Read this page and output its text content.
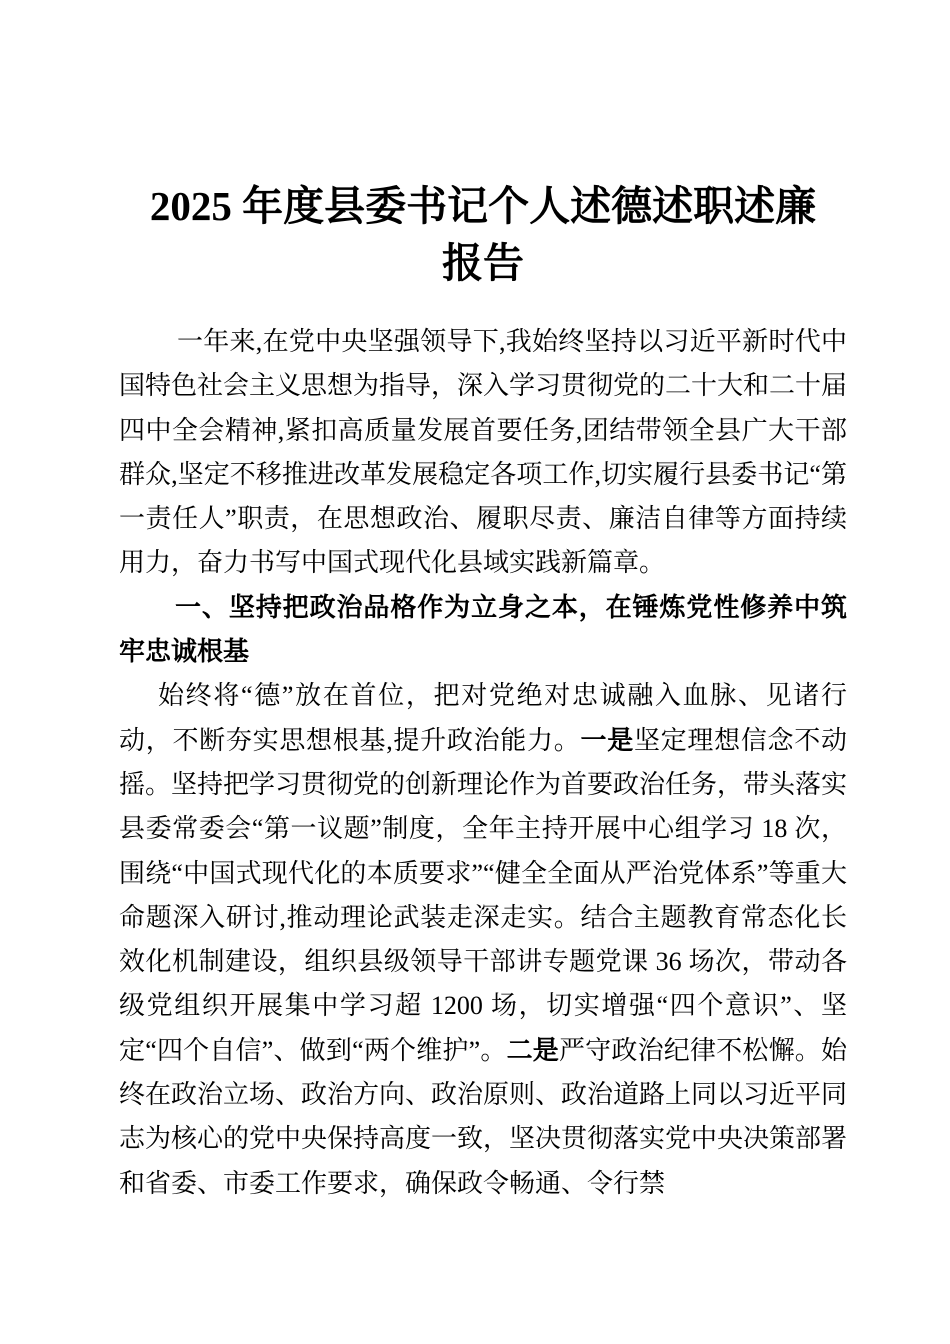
2025 年度县委书记个人述德述职述廉报告

一年来,在党中央坚强领导下,我始终坚持以习近平新时代中国特色社会主义思想为指导，深入学习贯彻党的二十大和二十届四中全会精神,紧扣高质量发展首要任务,团结带领全县广大干部群众,坚定不移推进改革发展稳定各项工作,切实履行县委书记“第一责任人”职责，在思想政治、履职尽责、廉洁自律等方面持续用力，奋力书写中国式现代化县域实践新篇章。

一、坚持把政治品格作为立身之本，在锤炼党性修养中筑牢忠诚根基

始终将“德”放在首位，把对党绝对忠诚融入血脉、见诸行动，不断夯实思想根基,提升政治能力。一是坚定理想信念不动摇。坚持把学习贯彻党的创新理论作为首要政治任务，带头落实县委常委会“第一议题”制度，全年主持开展中心组学习 18 次，围绕“中国式现代化的本质要求”“健全全面从严治党体系”等重大命题深入研讨,推动理论武装走深走实。结合主题教育常态化长效化机制建设，组织县级领导干部讲专题党课 36 场次，带动各级党组织开展集中学习超 1200 场，切实增强“四个意识”、坚定“四个自信”、做到“两个维护”。二是严守政治纪律不松懈。始终在政治立场、政治方向、政治原则、政治道路上同以习近平同志为核心的党中央保持高度一致，坚决贯彻落实党中央决策部署和省委、市委工作要求，确保政令畅通、令行禁
